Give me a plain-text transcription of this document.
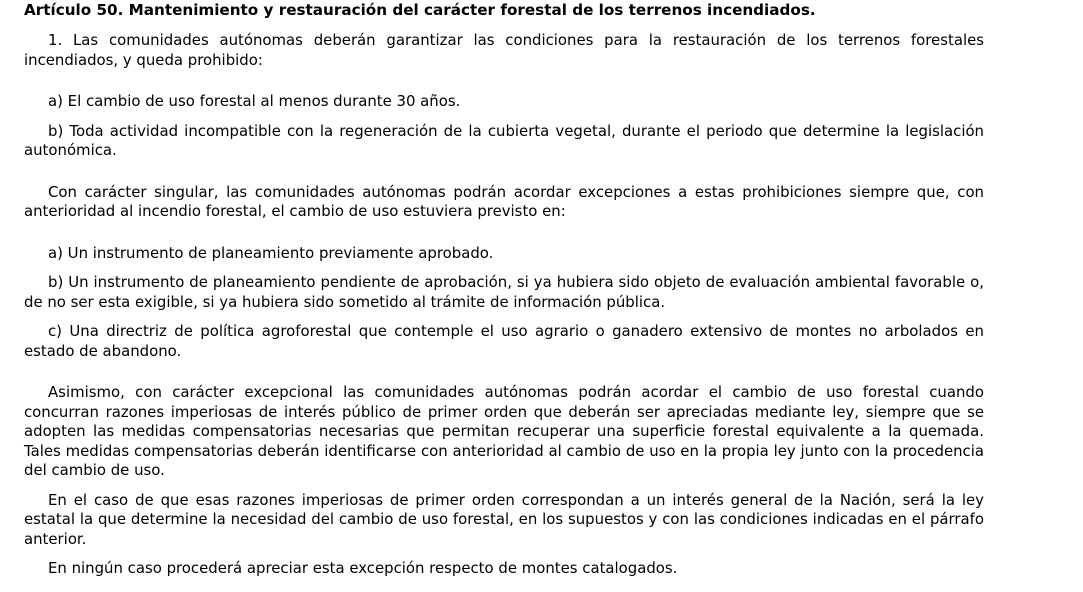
Artículo 50. Mantenimiento y restauración del carácter forestal de los terrenos incendiados.

1. Las comunidades autónomas deberán garantizar las condiciones para la restauración de los terrenos forestales incendiados, y queda prohibido:

a) El cambio de uso forestal al menos durante 30 años.

b) Toda actividad incompatible con la regeneración de la cubierta vegetal, durante el periodo que determine la legislación autonómica.

Con carácter singular, las comunidades autónomas podrán acordar excepciones a estas prohibiciones siempre que, con anterioridad al incendio forestal, el cambio de uso estuviera previsto en:

a) Un instrumento de planeamiento previamente aprobado.

b) Un instrumento de planeamiento pendiente de aprobación, si ya hubiera sido objeto de evaluación ambiental favorable o, de no ser esta exigible, si ya hubiera sido sometido al trámite de información pública.

c) Una directriz de política agroforestal que contemple el uso agrario o ganadero extensivo de montes no arbolados en estado de abandono.

Asimismo, con carácter excepcional las comunidades autónomas podrán acordar el cambio de uso forestal cuando concurran razones imperiosas de interés público de primer orden que deberán ser apreciadas mediante ley, siempre que se adopten las medidas compensatorias necesarias que permitan recuperar una superficie forestal equivalente a la quemada. Tales medidas compensatorias deberán identificarse con anterioridad al cambio de uso en la propia ley junto con la procedencia del cambio de uso.

En el caso de que esas razones imperiosas de primer orden correspondan a un interés general de la Nación, será la ley estatal la que determine la necesidad del cambio de uso forestal, en los supuestos y con las condiciones indicadas en el párrafo anterior.

En ningún caso procederá apreciar esta excepción respecto de montes catalogados.
